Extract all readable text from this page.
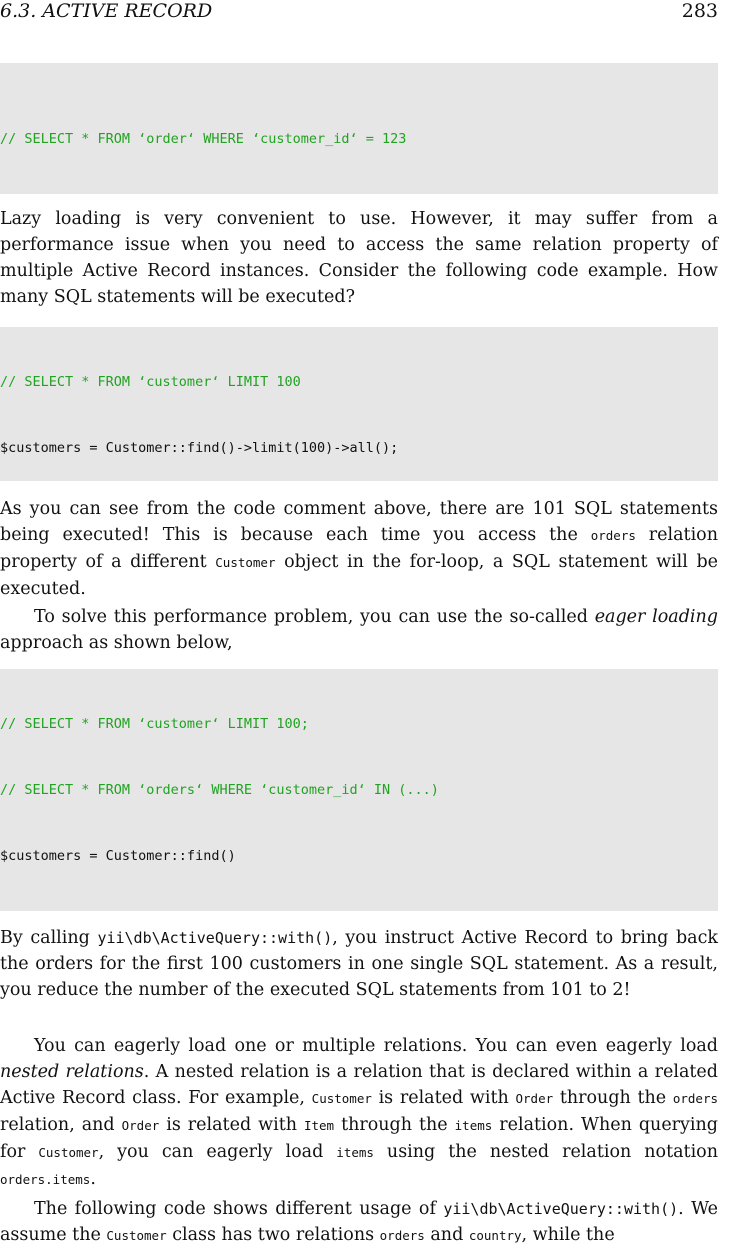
6.3. ACTIVE RECORD	283

// SELECT * FROM ‘order‘ WHERE ‘customer_id‘ = 123

Lazy loading is very convenient to use. However, it may suffer from a performance issue when you need to access the same relation property of multiple Active Record instances. Consider the following code example. How many SQL statements will be executed?

// SELECT * FROM ‘customer‘ LIMIT 100

$customers = Customer::find()->limit(100)->all();

As you can see from the code comment above, there are 101 SQL statements being executed! This is because each time you access the orders relation property of a different Customer object in the for-loop, a SQL statement will be executed.
To solve this performance problem, you can use the so-called eager loading approach as shown below,

// SELECT * FROM ‘customer‘ LIMIT 100;

// SELECT * FROM ‘orders‘ WHERE ‘customer_id‘ IN (...)

$customers = Customer::find()

By calling yii\db\ActiveQuery::with(), you instruct Active Record to bring back the orders for the first 100 customers in one single SQL statement. As a result, you reduce the number of the executed SQL statements from 101 to 2!
You can eagerly load one or multiple relations. You can even eagerly load nested relations. A nested relation is a relation that is declared within a related Active Record class. For example, Customer is related with Order through the orders relation, and Order is related with Item through the items relation. When querying for Customer, you can eagerly load items using the nested relation notation orders.items.
The following code shows different usage of yii\db\ActiveQuery::with(). We assume the Customer class has two relations orders and country, while the
